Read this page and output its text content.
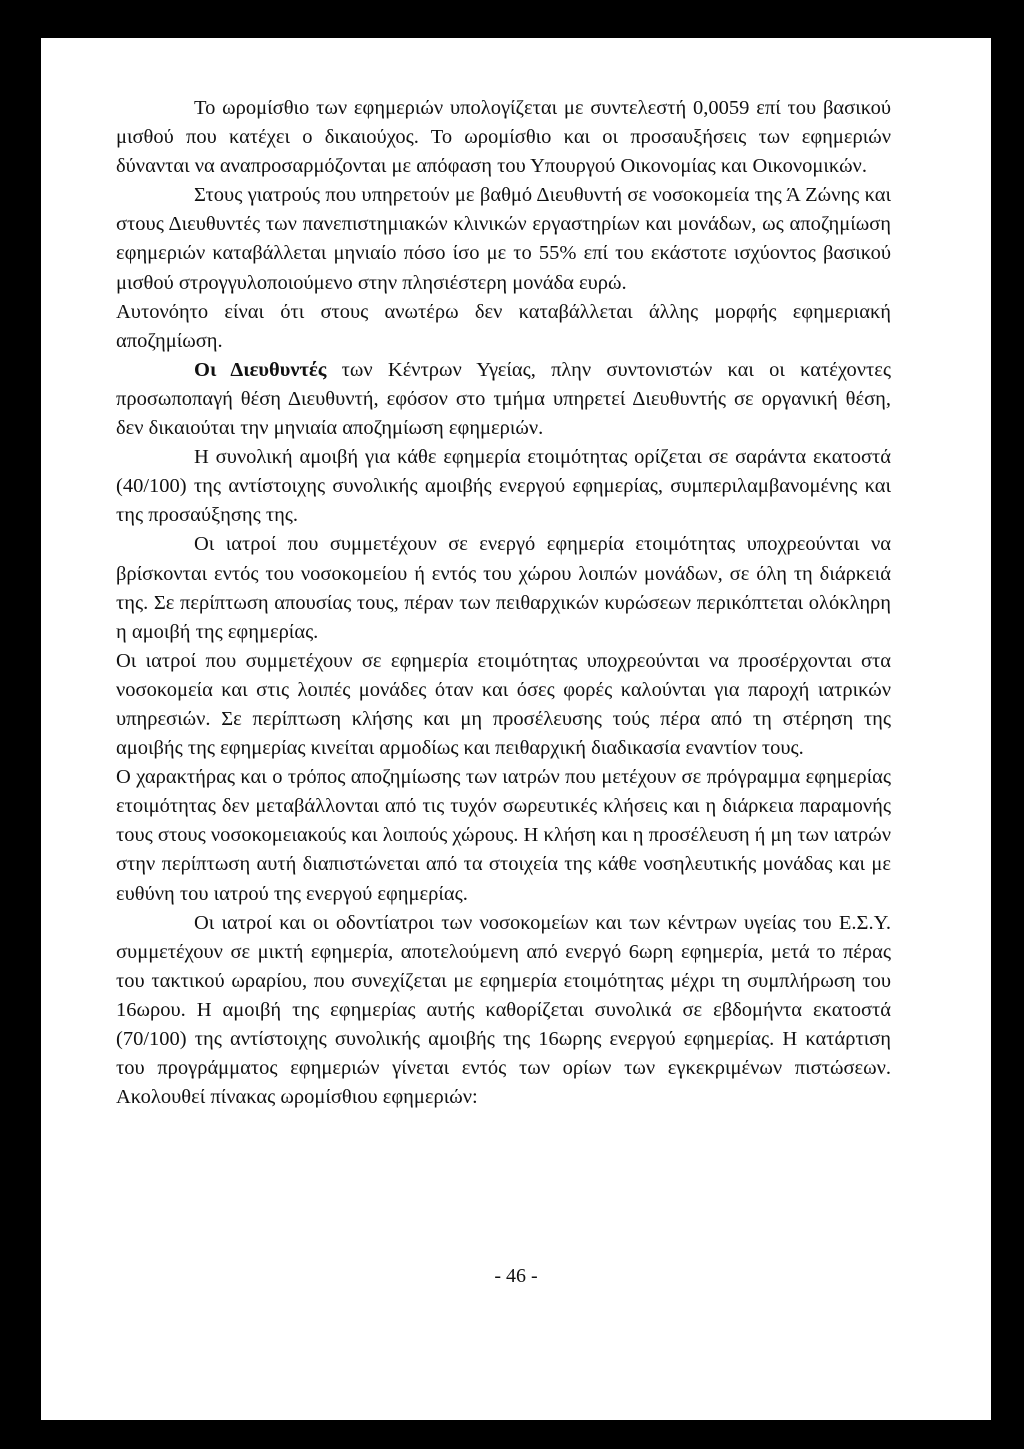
Το ωρομίσθιο των εφημεριών υπολογίζεται με συντελεστή 0,0059 επί του βασικού μισθού που κατέχει ο δικαιούχος. Το ωρομίσθιο και οι προσαυξήσεις των εφημεριών δύνανται να αναπροσαρμόζονται με απόφαση του Υπουργού Οικονομίας και Οικονομικών.

Στους γιατρούς που υπηρετούν με βαθμό Διευθυντή σε νοσοκομεία της Ά Ζώνης και στους Διευθυντές των πανεπιστημιακών κλινικών εργαστηρίων και μονάδων, ως αποζημίωση εφημεριών καταβάλλεται μηνιαίο πόσο ίσο με το 55% επί του εκάστοτε ισχύοντος βασικού μισθού στρογγυλοποιούμενο στην πλησιέστερη μονάδα ευρώ.

Αυτονόητο είναι ότι στους ανωτέρω δεν καταβάλλεται άλλης μορφής εφημεριακή αποζημίωση.

Οι Διευθυντές των Κέντρων Υγείας, πλην συντονιστών και οι κατέχοντες προσωποπαγή θέση Διευθυντή, εφόσον στο τμήμα υπηρετεί Διευθυντής σε οργανική θέση, δεν δικαιούται την μηνιαία αποζημίωση εφημεριών.

Η συνολική αμοιβή για κάθε εφημερία ετοιμότητας ορίζεται σε σαράντα εκατοστά (40/100) της αντίστοιχης συνολικής αμοιβής ενεργού εφημερίας, συμπεριλαμβανομένης και της προσαύξησης της.

Οι ιατροί που συμμετέχουν σε ενεργό εφημερία ετοιμότητας υποχρεούνται να βρίσκονται εντός του νοσοκομείου ή εντός του χώρου λοιπών μονάδων, σε όλη τη διάρκειά της. Σε περίπτωση απουσίας τους, πέραν των πειθαρχικών κυρώσεων περικόπτεται ολόκληρη η αμοιβή της εφημερίας.

Οι ιατροί που συμμετέχουν σε εφημερία ετοιμότητας υποχρεούνται να προσέρχονται στα νοσοκομεία και στις λοιπές μονάδες όταν και όσες φορές καλούνται για παροχή ιατρικών υπηρεσιών. Σε περίπτωση κλήσης και μη προσέλευσης τούς πέρα από τη στέρηση της αμοιβής της εφημερίας κινείται αρμοδίως και πειθαρχική διαδικασία εναντίον τους.

Ο χαρακτήρας και ο τρόπος αποζημίωσης των ιατρών που μετέχουν σε πρόγραμμα εφημερίας ετοιμότητας δεν μεταβάλλονται από τις τυχόν σωρευτικές κλήσεις και η διάρκεια παραμονής τους στους νοσοκομειακούς και λοιπούς χώρους. Η κλήση και η προσέλευση ή μη των ιατρών στην περίπτωση αυτή διαπιστώνεται από τα στοιχεία της κάθε νοσηλευτικής μονάδας και με ευθύνη του ιατρού της ενεργού εφημερίας.

Οι ιατροί και οι οδοντίατροι των νοσοκομείων και των κέντρων υγείας του Ε.Σ.Υ. συμμετέχουν σε μικτή εφημερία, αποτελούμενη από ενεργό 6ωρη εφημερία, μετά το πέρας του τακτικού ωραρίου, που συνεχίζεται με εφημερία ετοιμότητας μέχρι τη συμπλήρωση του 16ωρου. Η αμοιβή της εφημερίας αυτής καθορίζεται συνολικά σε εβδομήντα εκατοστά (70/100) της αντίστοιχης συνολικής αμοιβής της 16ωρης ενεργού εφημερίας. Η κατάρτιση του προγράμματος εφημεριών γίνεται εντός των ορίων των εγκεκριμένων πιστώσεων. Ακολουθεί πίνακας ωρομίσθιου εφημεριών:

- 46 -
